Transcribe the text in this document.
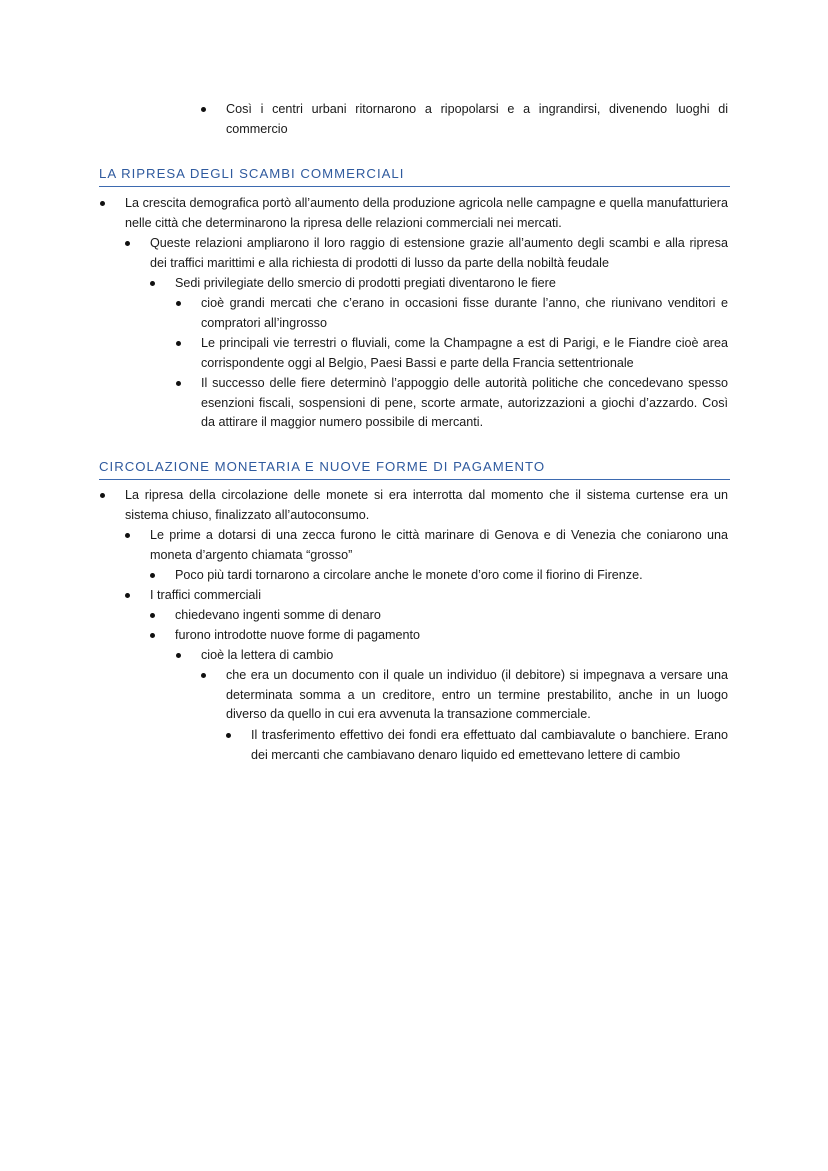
Così i centri urbani ritornarono a ripopolarsi e a ingrandirsi, divenendo luoghi di commercio
LA RIPRESA DEGLI SCAMBI COMMERCIALI
La crescita demografica portò all’aumento della produzione agricola nelle campagne e quella manufatturiera nelle città che determinarono la ripresa delle relazioni commerciali nei mercati.
Queste relazioni ampliarono il loro raggio di estensione grazie all’aumento degli scambi e alla ripresa dei traffici marittimi e alla richiesta di prodotti di lusso da parte della nobiltà feudale
Sedi privilegiate dello smercio di prodotti pregiati diventarono le fiere
cioè grandi mercati che c’erano in occasioni fisse durante l’anno, che riunivano venditori e compratori all’ingrosso
Le principali vie terrestri o fluviali, come la Champagne a est di Parigi, e le Fiandre cioè area corrispondente oggi al Belgio, Paesi Bassi e parte della Francia settentrionale
Il successo delle fiere determinò l’appoggio delle autorità politiche che concedevano spesso esenzioni fiscali, sospensioni di pene, scorte armate, autorizzazioni a giochi d’azzardo. Così da attirare il maggior numero possibile di mercanti.
CIRCOLAZIONE MONETARIA E NUOVE FORME DI PAGAMENTO
La ripresa della circolazione delle monete si era interrotta dal momento che il sistema curtense era un sistema chiuso, finalizzato all’autoconsumo.
Le prime a dotarsi di una zecca furono le città marinare di Genova e di Venezia che coniarono una moneta d’argento chiamata “grosso”
Poco più tardi tornarono a circolare anche le monete d’oro come il fiorino di Firenze.
I traffici commerciali
chiedevano ingenti somme di denaro
furono introdotte nuove forme di pagamento
cioè la lettera di cambio
che era un documento con il quale un individuo (il debitore) si impegnava a versare una determinata somma a un creditore, entro un termine prestabilito, anche in un luogo diverso da quello in cui era avvenuta la transazione commerciale.
Il trasferimento effettivo dei fondi era effettuato dal cambiavalute o banchiere. Erano dei mercanti che cambiavano denaro liquido ed emettevano lettere di cambio
